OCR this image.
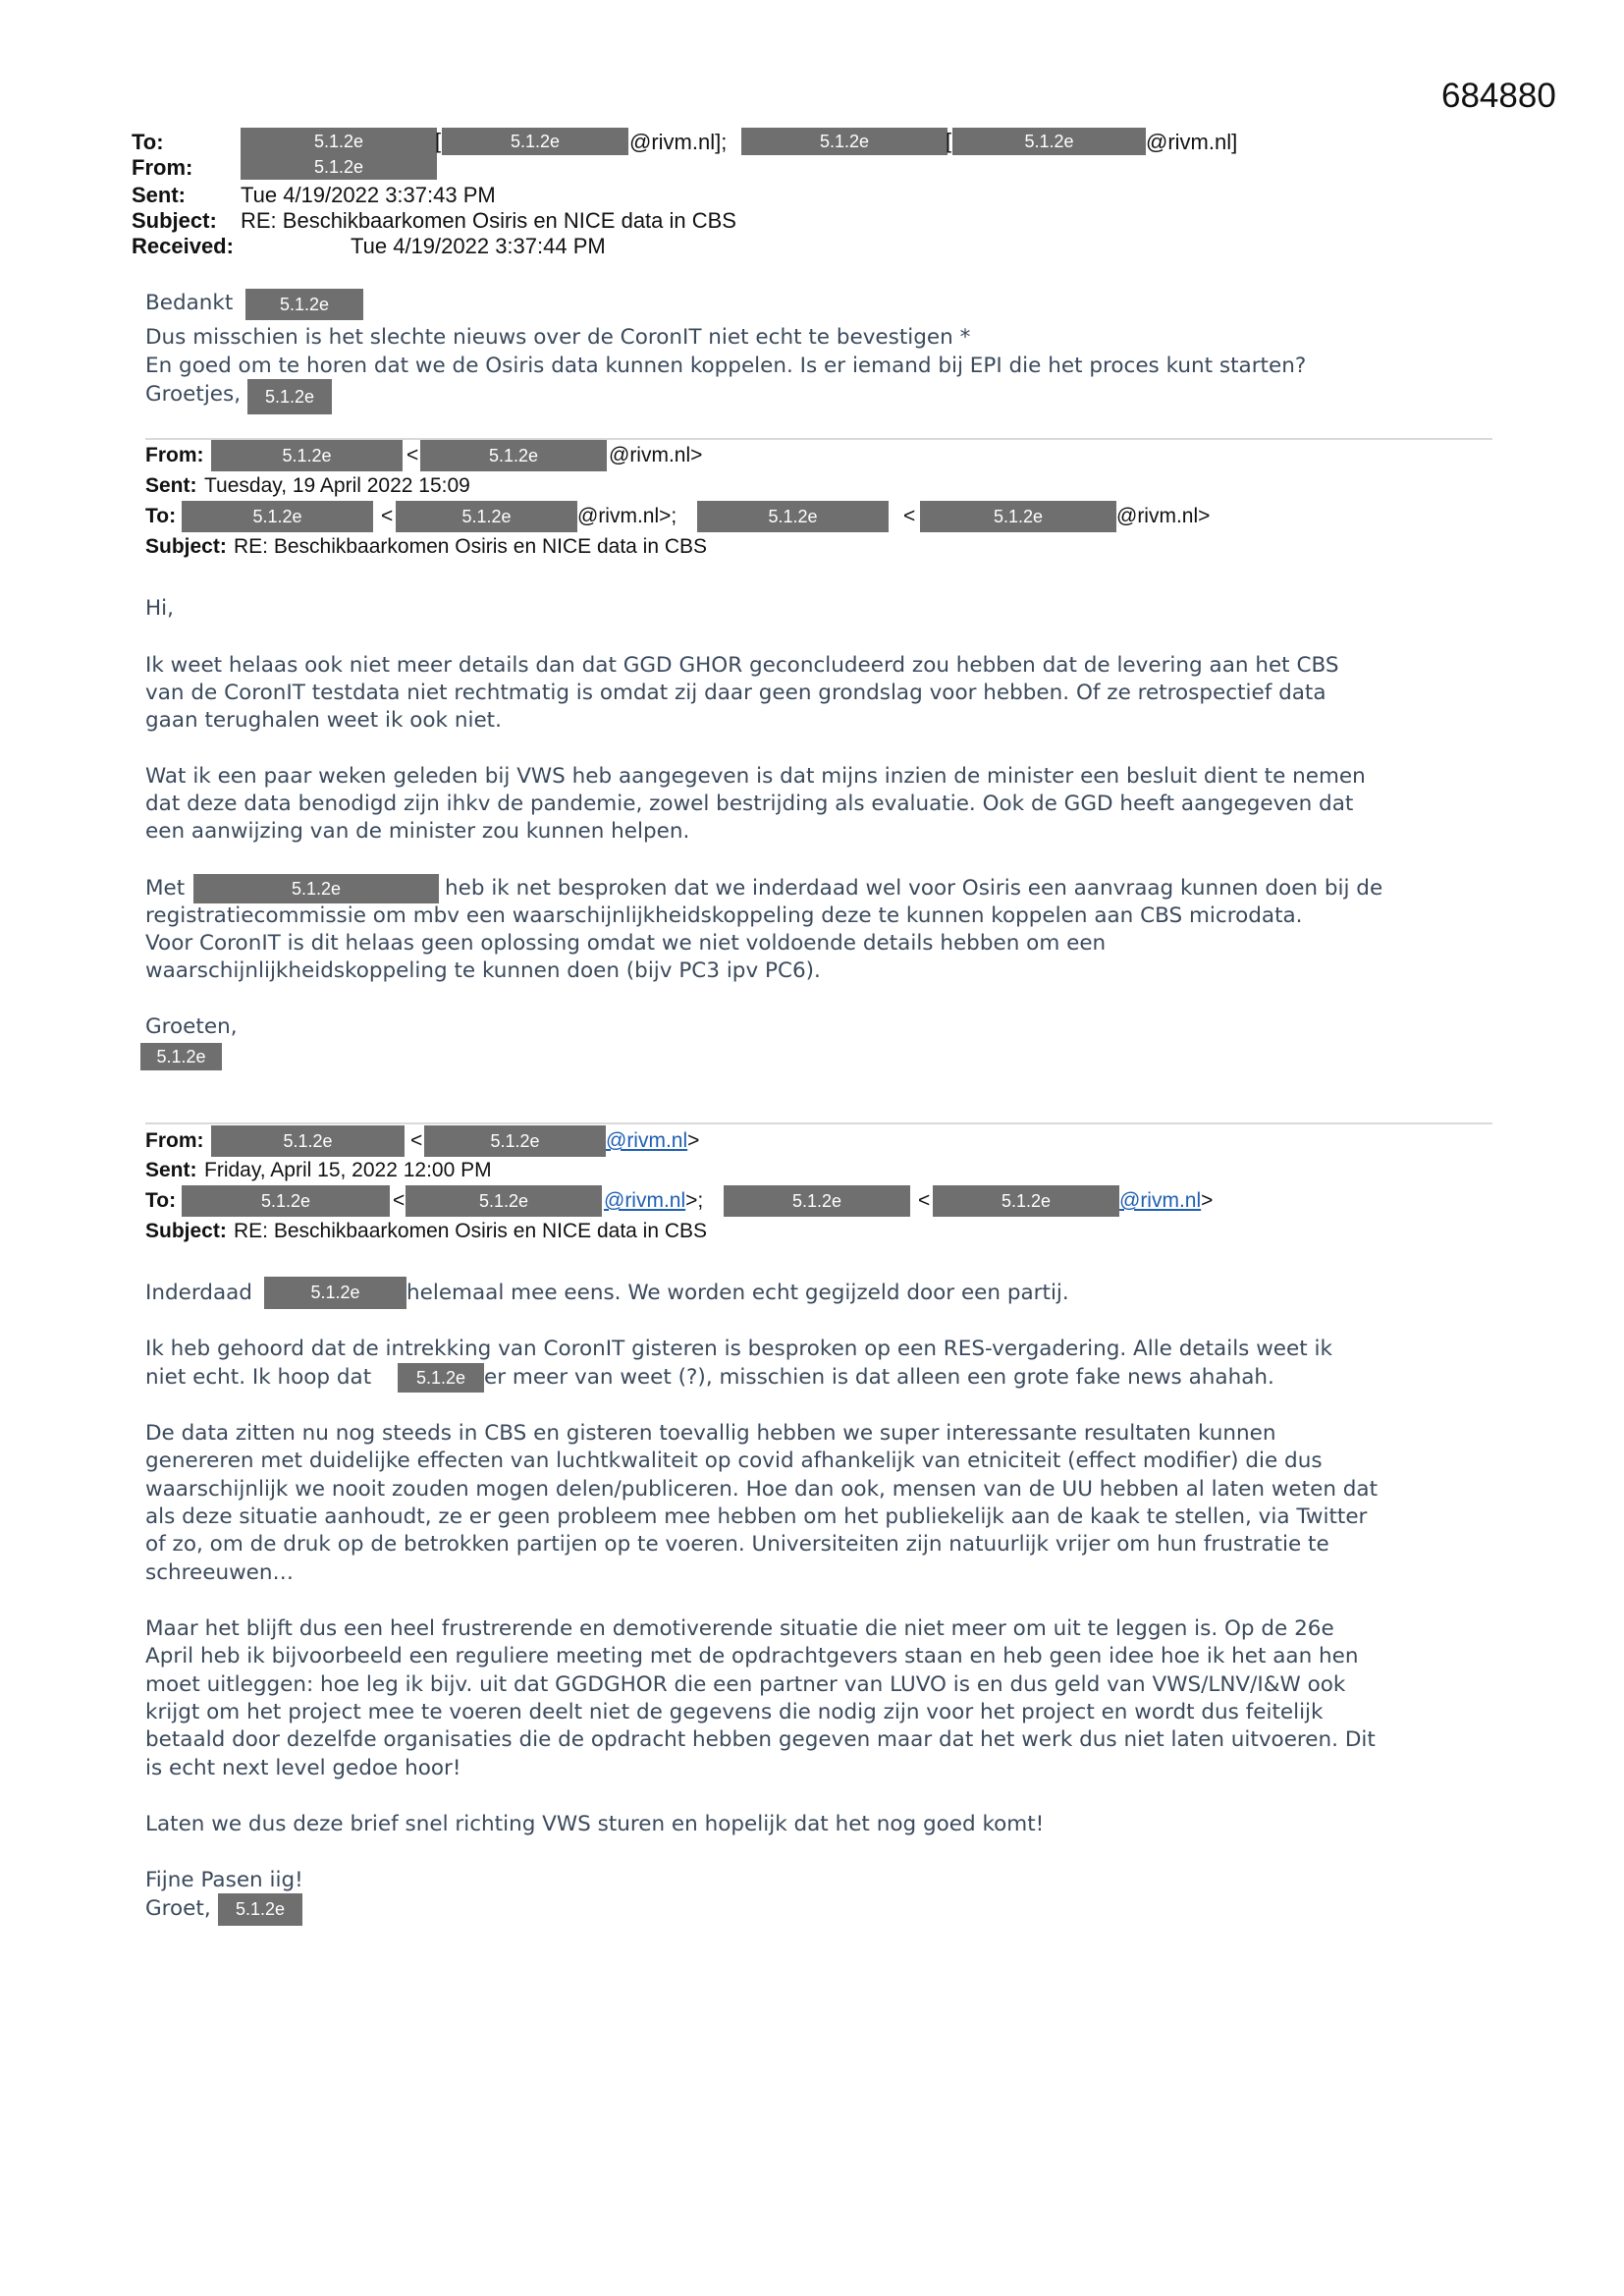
684880
To:	5.1.2e	[	5.1.2e	@rivm.nl];	5.1.2e	[	5.1.2e	@rivm.nl]
From:	5.1.2e
Sent:	Tue 4/19/2022 3:37:43 PM
Subject: RE: Beschikbaarkomen Osiris en NICE data in CBS
Received:	Tue 4/19/2022 3:37:44 PM
Bedankt	5.1.2e
Dus misschien is het slechte nieuws over de CoronIT niet echt te bevestigen *
En goed om te horen dat we de Osiris data kunnen koppelen. Is er iemand bij EPI die het proces kunt starten?
Groetjes,	5.1.2e
From:	5.1.2e	<	5.1.2e	@rivm.nl>
Sent: Tuesday, 19 April 2022 15:09
To:	5.1.2e	<	5.1.2e	@rivm.nl>;	5.1.2e	<	5.1.2e	@rivm.nl>
Subject: RE: Beschikbaarkomen Osiris en NICE data in CBS
Hi,
Ik weet helaas ook niet meer details dan dat GGD GHOR geconcludeerd zou hebben dat de levering aan het CBS
van de CoronIT testdata niet rechtmatig is omdat zij daar geen grondslag voor hebben. Of ze retrospectief data
gaan terughalen weet ik ook niet.
Wat ik een paar weken geleden bij VWS heb aangegeven is dat mijns inzien de minister een besluit dient te nemen
dat deze data benodigd zijn ihkv de pandemie, zowel bestrijding als evaluatie. Ook de GGD heeft aangegeven dat
een aanwijzing van de minister zou kunnen helpen.
Met	5.1.2e	heb ik net besproken dat we inderdaad wel voor Osiris een aanvraag kunnen doen bij de
registratiecommissie om mbv een waarschijnlijkheidskoppeling deze te kunnen koppelen aan CBS microdata.
Voor CoronIT is dit helaas geen oplossing omdat we niet voldoende details hebben om een
waarschijnlijkheidskoppeling te kunnen doen (bijv PC3 ipv PC6).
Groeten,
5.1.2e
From:	5.1.2e	<	5.1.2e	@rivm.nl>
Sent: Friday, April 15, 2022 12:00 PM
To:	5.1.2e	<	5.1.2e	@rivm.nl>;	5.1.2e	<	5.1.2e	@rivm.nl>
Subject: RE: Beschikbaarkomen Osiris en NICE data in CBS
Inderdaad	5.1.2e	helemaal mee eens. We worden echt gegijzeld door een partij.
Ik heb gehoord dat de intrekking van CoronIT gisteren is besproken op een RES-vergadering. Alle details weet ik
niet echt. Ik hoop dat	5.1.2e er meer van weet (?), misschien is dat alleen een grote fake news ahahah.
De data zitten nu nog steeds in CBS en gisteren toevallig hebben we super interessante resultaten kunnen
genereren met duidelijke effecten van luchtkwaliteit op covid afhankelijk van etniciteit (effect modifier) die dus
waarschijnlijk we nooit zouden mogen delen/publiceren. Hoe dan ook, mensen van de UU hebben al laten weten dat
als deze situatie aanhoudt, ze er geen probleem mee hebben om het publiekelijk aan de kaak te stellen, via Twitter
of zo, om de druk op de betrokken partijen op te voeren. Universiteiten zijn natuurlijk vrijer om hun frustratie te
schreeuwen…
Maar het blijft dus een heel frustrerende en demotiverende situatie die niet meer om uit te leggen is. Op de 26e
April heb ik bijvoorbeeld een reguliere meeting met de opdrachtgevers staan en heb geen idee hoe ik het aan hen
moet uitleggen: hoe leg ik bijv. uit dat GGDGHOR die een partner van LUVO is en dus geld van VWS/LNV/I&W ook
krijgt om het project mee te voeren deelt niet de gegevens die nodig zijn voor het project en wordt dus feitelijk
betaald door dezelfde organisaties die de opdracht hebben gegeven maar dat het werk dus niet laten uitvoeren. Dit
is echt next level gedoe hoor!
Laten we dus deze brief snel richting VWS sturen en hopelijk dat het nog goed komt!
Fijne Pasen iig!
Groet,	5.1.2e
